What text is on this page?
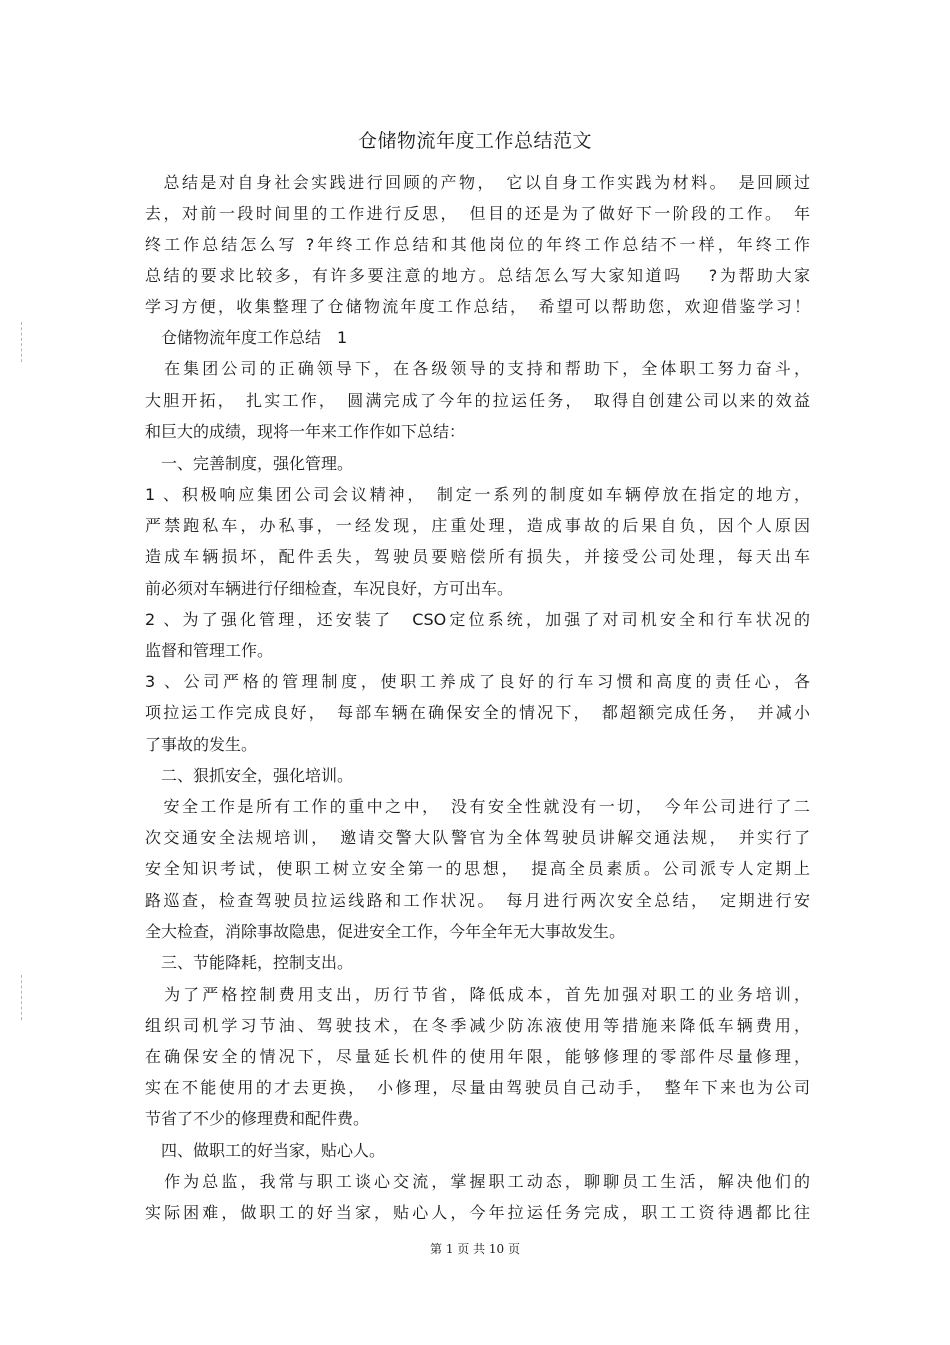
仓储物流年度工作总结范文
　总结是对自身社会实践进行回顾的产物，　它以自身工作实践为材料。　是回顾过
去，对前一段时间里的工作进行反思，　但目的还是为了做好下一阶段的工作。　年
终工作总结怎么写 ?年终工作总结和其他岗位的年终工作总结不一样，年终工作
总结的要求比较多，有许多要注意的地方。总结怎么写大家知道吗　 ?为帮助大家
学习方便，收集整理了仓储物流年度工作总结，　希望可以帮助您，欢迎借鉴学习！
　仓储物流年度工作总结　1
　在集团公司的正确领导下，在各级领导的支持和帮助下，全体职工努力奋斗，
大胆开拓，　扎实工作，　圆满完成了今年的拉运任务，　取得自创建公司以来的效益
和巨大的成绩，现将一年来工作作如下总结：
　一、完善制度，强化管理。
1 、积极响应集团公司会议精神，　制定一系列的制度如车辆停放在指定的地方，
严禁跑私车，办私事，一经发现，庄重处理，造成事故的后果自负，因个人原因
造成车辆损坏，配件丢失，驾驶员要赔偿所有损失，并接受公司处理，每天出车
前必须对车辆进行仔细检查，车况良好，方可出车。
2 、为了强化管理，还安装了　CSO定位系统，加强了对司机安全和行车状况的
监督和管理工作。
3 、公司严格的管理制度，使职工养成了良好的行车习惯和高度的责任心，各
项拉运工作完成良好，　每部车辆在确保安全的情况下，　都超额完成任务，　并减小
了事故的发生。
　二、狠抓安全，强化培训。
　安全工作是所有工作的重中之中，　没有安全性就没有一切，　今年公司进行了二
次交通安全法规培训，　邀请交警大队警官为全体驾驶员讲解交通法规，　并实行了
安全知识考试，使职工树立安全第一的思想，　提高全员素质。公司派专人定期上
路巡查，检查驾驶员拉运线路和工作状况。　每月进行两次安全总结，　定期进行安
全大检查，消除事故隐患，促进安全工作，今年全年无大事故发生。
　三、节能降耗，控制支出。
　为了严格控制费用支出，历行节省，降低成本，首先加强对职工的业务培训，
组织司机学习节油、驾驶技术，在冬季减少防冻液使用等措施来降低车辆费用，
在确保安全的情况下，尽量延长机件的使用年限，能够修理的零部件尽量修理，
实在不能使用的才去更换，　小修理，尽量由驾驶员自己动手，　整年下来也为公司
节省了不少的修理费和配件费。
　四、做职工的好当家，贴心人。
　作为总监，我常与职工谈心交流，掌握职工动态，聊聊员工生活，解决他们的
实际困难，做职工的好当家，贴心人，今年拉运任务完成，职工工资待遇都比往
第 1 页 共 10 页
